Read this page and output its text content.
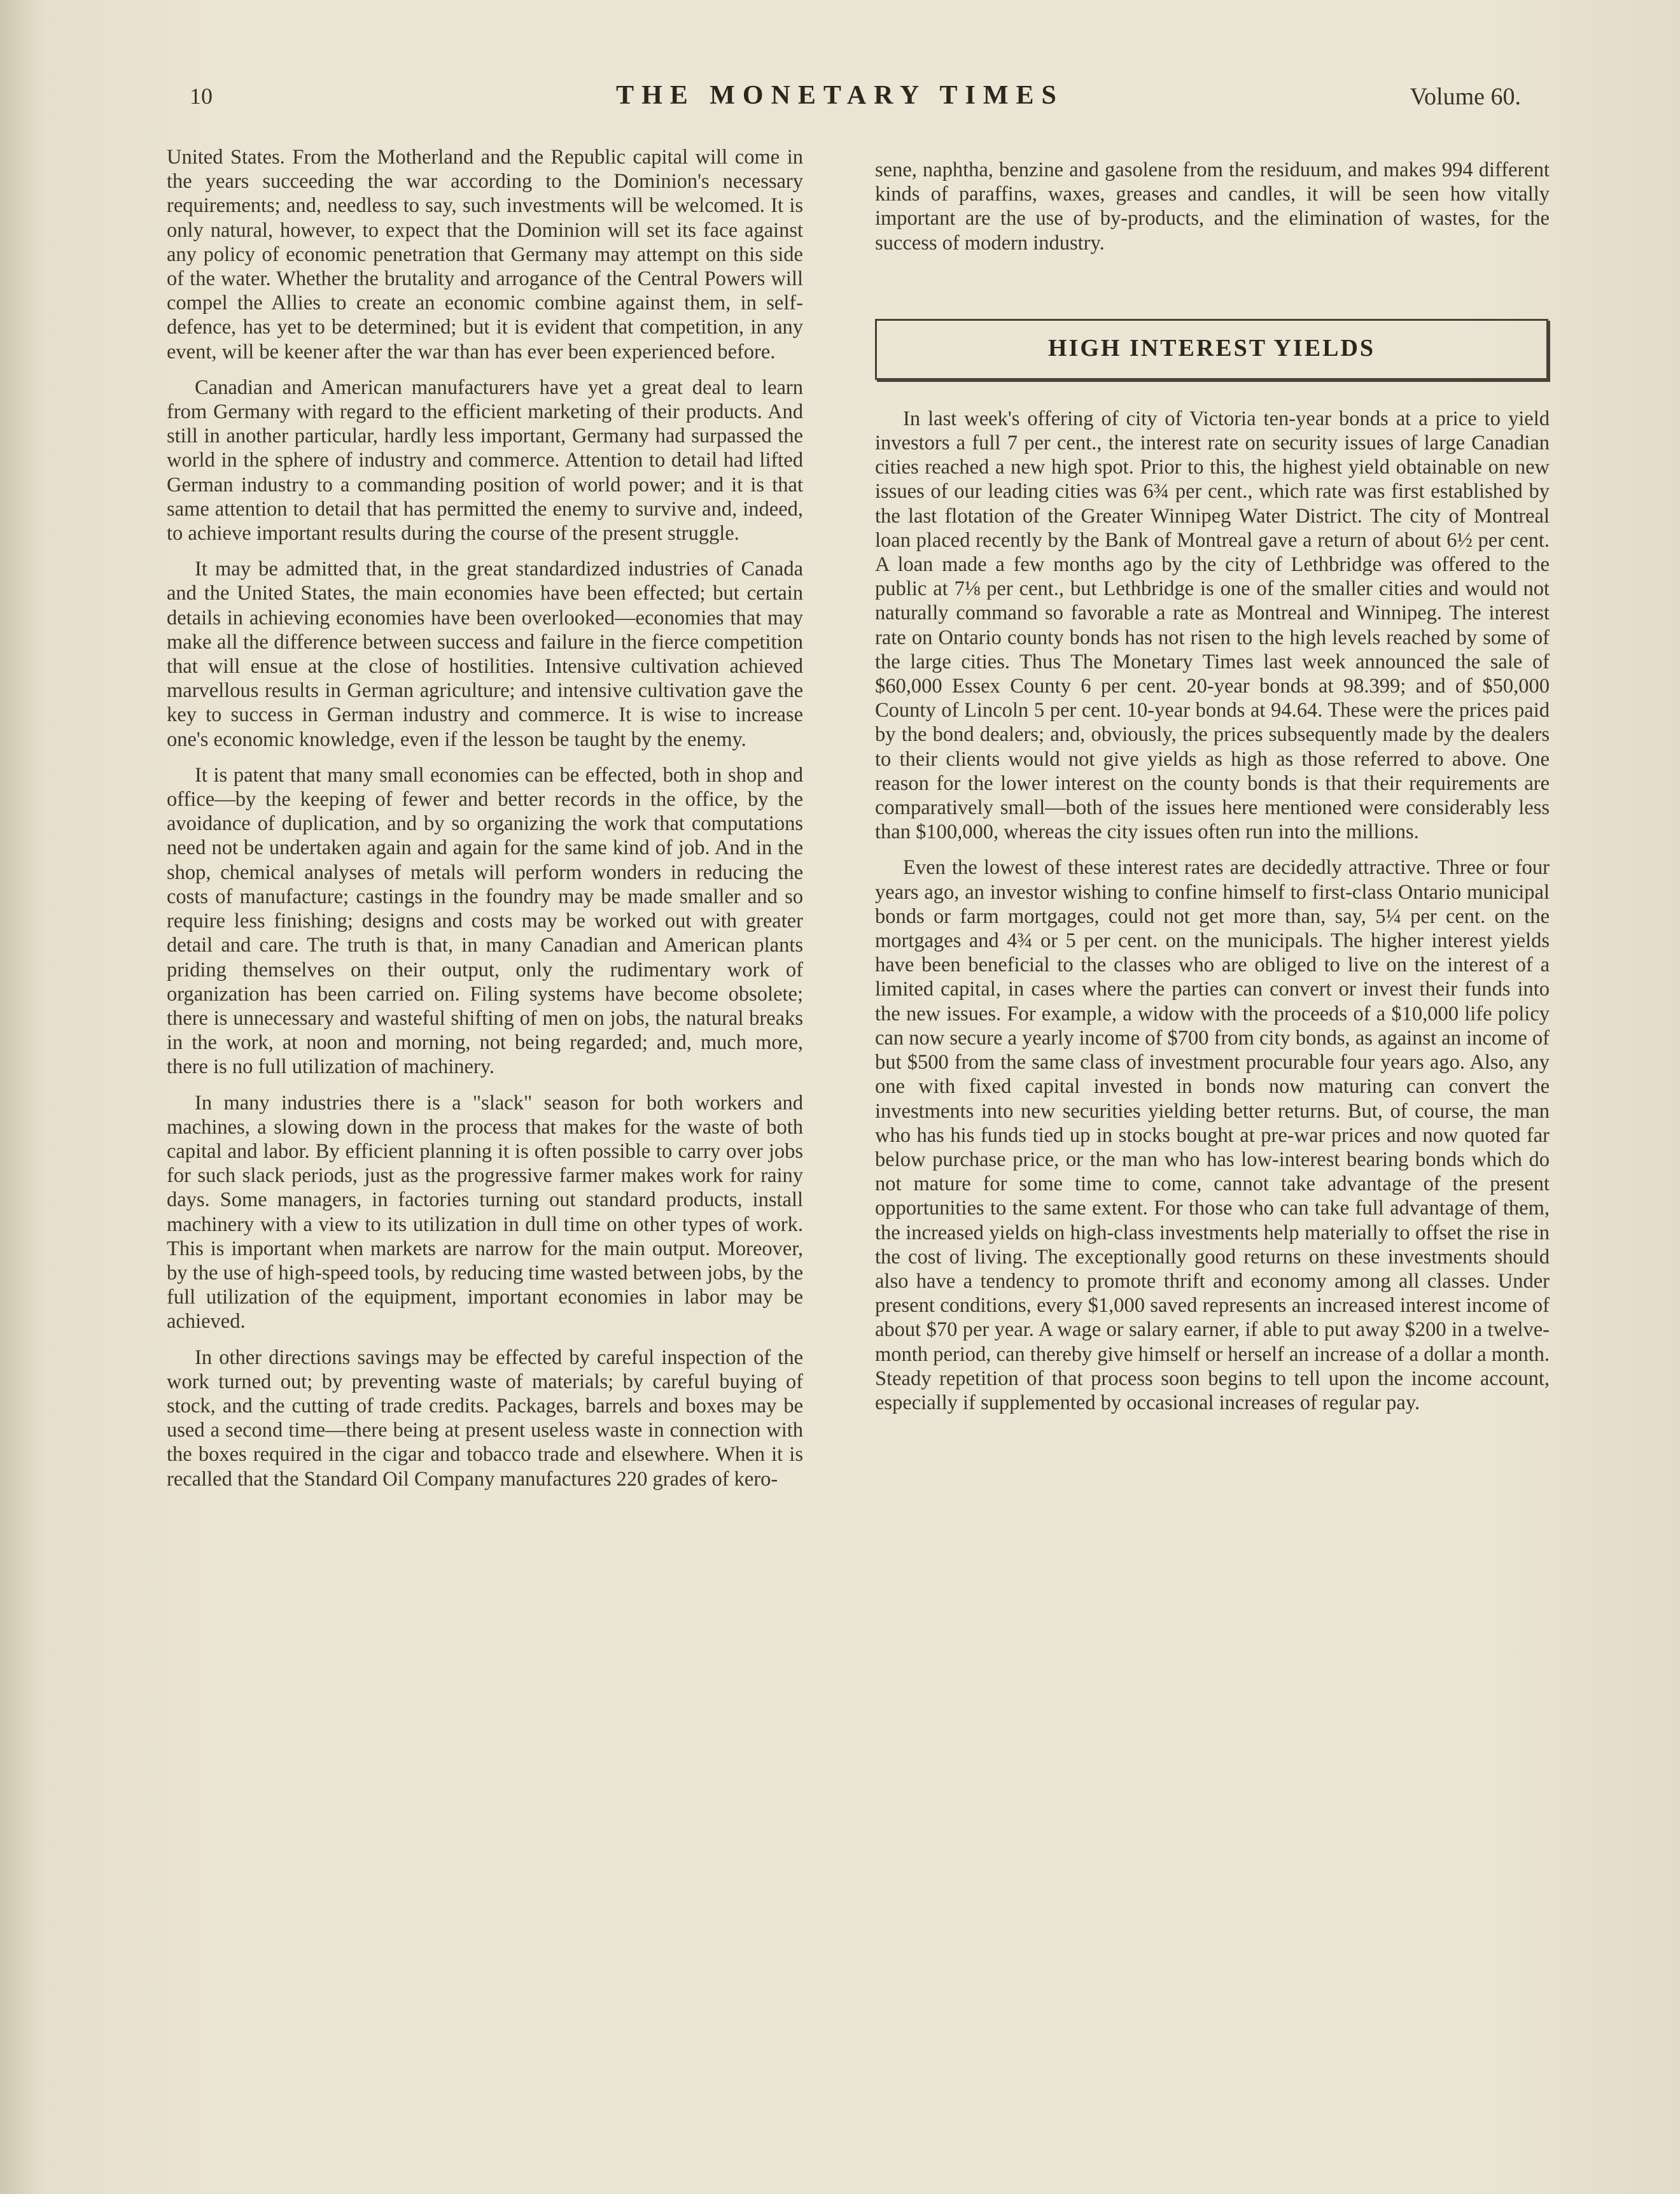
10	THE MONETARY TIMES	Volume 60.

United States. From the Motherland and the Republic capital will come in the years succeeding the war according to the Dominion's necessary requirements; and, needless to say, such investments will be welcomed. It is only natural, however, to expect that the Dominion will set its face against any policy of economic penetration that Germany may attempt on this side of the water. Whether the brutality and arrogance of the Central Powers will compel the Allies to create an economic combine against them, in self-defence, has yet to be determined; but it is evident that competition, in any event, will be keener after the war than has ever been experienced before.

Canadian and American manufacturers have yet a great deal to learn from Germany with regard to the efficient marketing of their products. And still in another particular, hardly less important, Germany had surpassed the world in the sphere of industry and commerce. Attention to detail had lifted German industry to a commanding position of world power; and it is that same attention to detail that has permitted the enemy to survive and, indeed, to achieve important results during the course of the present struggle.

It may be admitted that, in the great standardized industries of Canada and the United States, the main economies have been effected; but certain details in achieving economies have been overlooked—economies that may make all the difference between success and failure in the fierce competition that will ensue at the close of hostilities. Intensive cultivation achieved marvellous results in German agriculture; and intensive cultivation gave the key to success in German industry and commerce. It is wise to increase one's economic knowledge, even if the lesson be taught by the enemy.

It is patent that many small economies can be effected, both in shop and office—by the keeping of fewer and better records in the office, by the avoidance of duplication, and by so organizing the work that computations need not be undertaken again and again for the same kind of job. And in the shop, chemical analyses of metals will perform wonders in reducing the costs of manufacture; castings in the foundry may be made smaller and so require less finishing; designs and costs may be worked out with greater detail and care. The truth is that, in many Canadian and American plants priding themselves on their output, only the rudimentary work of organization has been carried on. Filing systems have become obsolete; there is unnecessary and wasteful shifting of men on jobs, the natural breaks in the work, at noon and morning, not being regarded; and, much more, there is no full utilization of machinery.

In many industries there is a "slack" season for both workers and machines, a slowing down in the process that makes for the waste of both capital and labor. By efficient planning it is often possible to carry over jobs for such slack periods, just as the progressive farmer makes work for rainy days. Some managers, in factories turning out standard products, install machinery with a view to its utilization in dull time on other types of work. This is important when markets are narrow for the main output. Moreover, by the use of high-speed tools, by reducing time wasted between jobs, by the full utilization of the equipment, important economies in labor may be achieved.

In other directions savings may be effected by careful inspection of the work turned out; by preventing waste of materials; by careful buying of stock, and the cutting of trade credits. Packages, barrels and boxes may be used a second time—there being at present useless waste in connection with the boxes required in the cigar and tobacco trade and elsewhere. When it is recalled that the Standard Oil Company manufactures 220 grades of kero-

sene, naphtha, benzine and gasolene from the residuum, and makes 994 different kinds of paraffins, waxes, greases and candles, it will be seen how vitally important are the use of by-products, and the elimination of wastes, for the success of modern industry.

HIGH INTEREST YIELDS

In last week's offering of city of Victoria ten-year bonds at a price to yield investors a full 7 per cent., the interest rate on security issues of large Canadian cities reached a new high spot. Prior to this, the highest yield obtainable on new issues of our leading cities was 6¾ per cent., which rate was first established by the last flotation of the Greater Winnipeg Water District. The city of Montreal loan placed recently by the Bank of Montreal gave a return of about 6½ per cent. A loan made a few months ago by the city of Lethbridge was offered to the public at 7⅛ per cent., but Lethbridge is one of the smaller cities and would not naturally command so favorable a rate as Montreal and Winnipeg. The interest rate on Ontario county bonds has not risen to the high levels reached by some of the large cities. Thus The Monetary Times last week announced the sale of $60,000 Essex County 6 per cent. 20-year bonds at 98.399; and of $50,000 County of Lincoln 5 per cent. 10-year bonds at 94.64. These were the prices paid by the bond dealers; and, obviously, the prices subsequently made by the dealers to their clients would not give yields as high as those referred to above. One reason for the lower interest on the county bonds is that their requirements are comparatively small—both of the issues here mentioned were considerably less than $100,000, whereas the city issues often run into the millions.

Even the lowest of these interest rates are decidedly attractive. Three or four years ago, an investor wishing to confine himself to first-class Ontario municipal bonds or farm mortgages, could not get more than, say, 5¼ per cent. on the mortgages and 4¾ or 5 per cent. on the municipals. The higher interest yields have been beneficial to the classes who are obliged to live on the interest of a limited capital, in cases where the parties can convert or invest their funds into the new issues. For example, a widow with the proceeds of a $10,000 life policy can now secure a yearly income of $700 from city bonds, as against an income of but $500 from the same class of investment procurable four years ago. Also, any one with fixed capital invested in bonds now maturing can convert the investments into new securities yielding better returns. But, of course, the man who has his funds tied up in stocks bought at pre-war prices and now quoted far below purchase price, or the man who has low-interest bearing bonds which do not mature for some time to come, cannot take advantage of the present opportunities to the same extent. For those who can take full advantage of them, the increased yields on high-class investments help materially to offset the rise in the cost of living. The exceptionally good returns on these investments should also have a tendency to promote thrift and economy among all classes. Under present conditions, every $1,000 saved represents an increased interest income of about $70 per year. A wage or salary earner, if able to put away $200 in a twelve-month period, can thereby give himself or herself an increase of a dollar a month. Steady repetition of that process soon begins to tell upon the income account, especially if supplemented by occasional increases of regular pay.
